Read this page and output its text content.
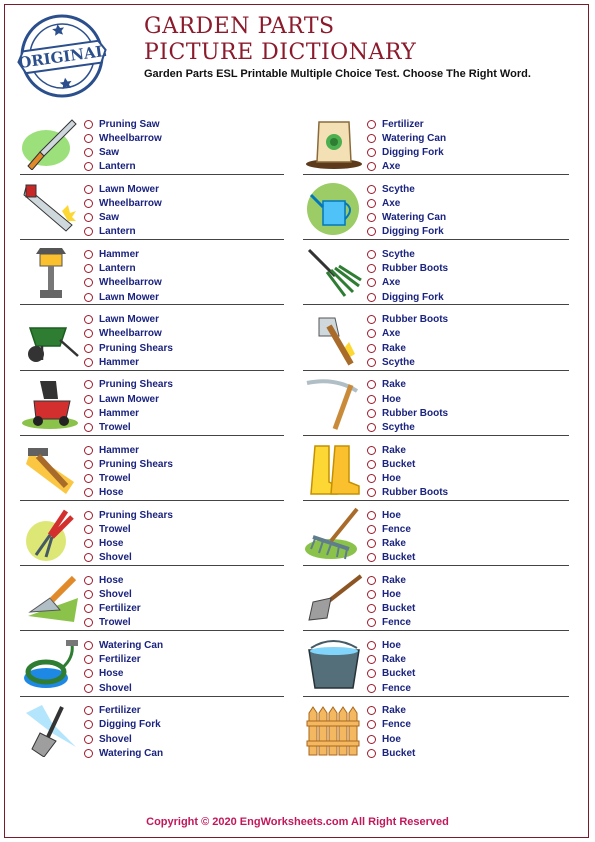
ORIGINAL
GARDEN PARTS
PICTURE DICTIONARY
Garden Parts ESL Printable Multiple Choice Test. Choose The Right Word.
Pruning Saw
Wheelbarrow
Saw
Lantern
Fertilizer
Watering Can
Digging Fork
Axe
Lawn Mower
Wheelbarrow
Saw
Lantern
Scythe
Axe
Watering Can
Digging Fork
Hammer
Lantern
Wheelbarrow
Lawn Mower
Scythe
Rubber Boots
Axe
Digging Fork
Lawn Mower
Wheelbarrow
Pruning Shears
Hammer
Rubber Boots
Axe
Rake
Scythe
Pruning Shears
Lawn Mower
Hammer
Trowel
Rake
Hoe
Rubber Boots
Scythe
Hammer
Pruning Shears
Trowel
Hose
Rake
Bucket
Hoe
Rubber Boots
Pruning Shears
Trowel
Hose
Shovel
Hoe
Fence
Rake
Bucket
Hose
Shovel
Fertilizer
Trowel
Rake
Hoe
Bucket
Fence
Watering Can
Fertilizer
Hose
Shovel
Hoe
Rake
Bucket
Fence
Fertilizer
Digging Fork
Shovel
Watering Can
Rake
Fence
Hoe
Bucket
Copyright © 2020 EngWorksheets.com All Right Reserved
